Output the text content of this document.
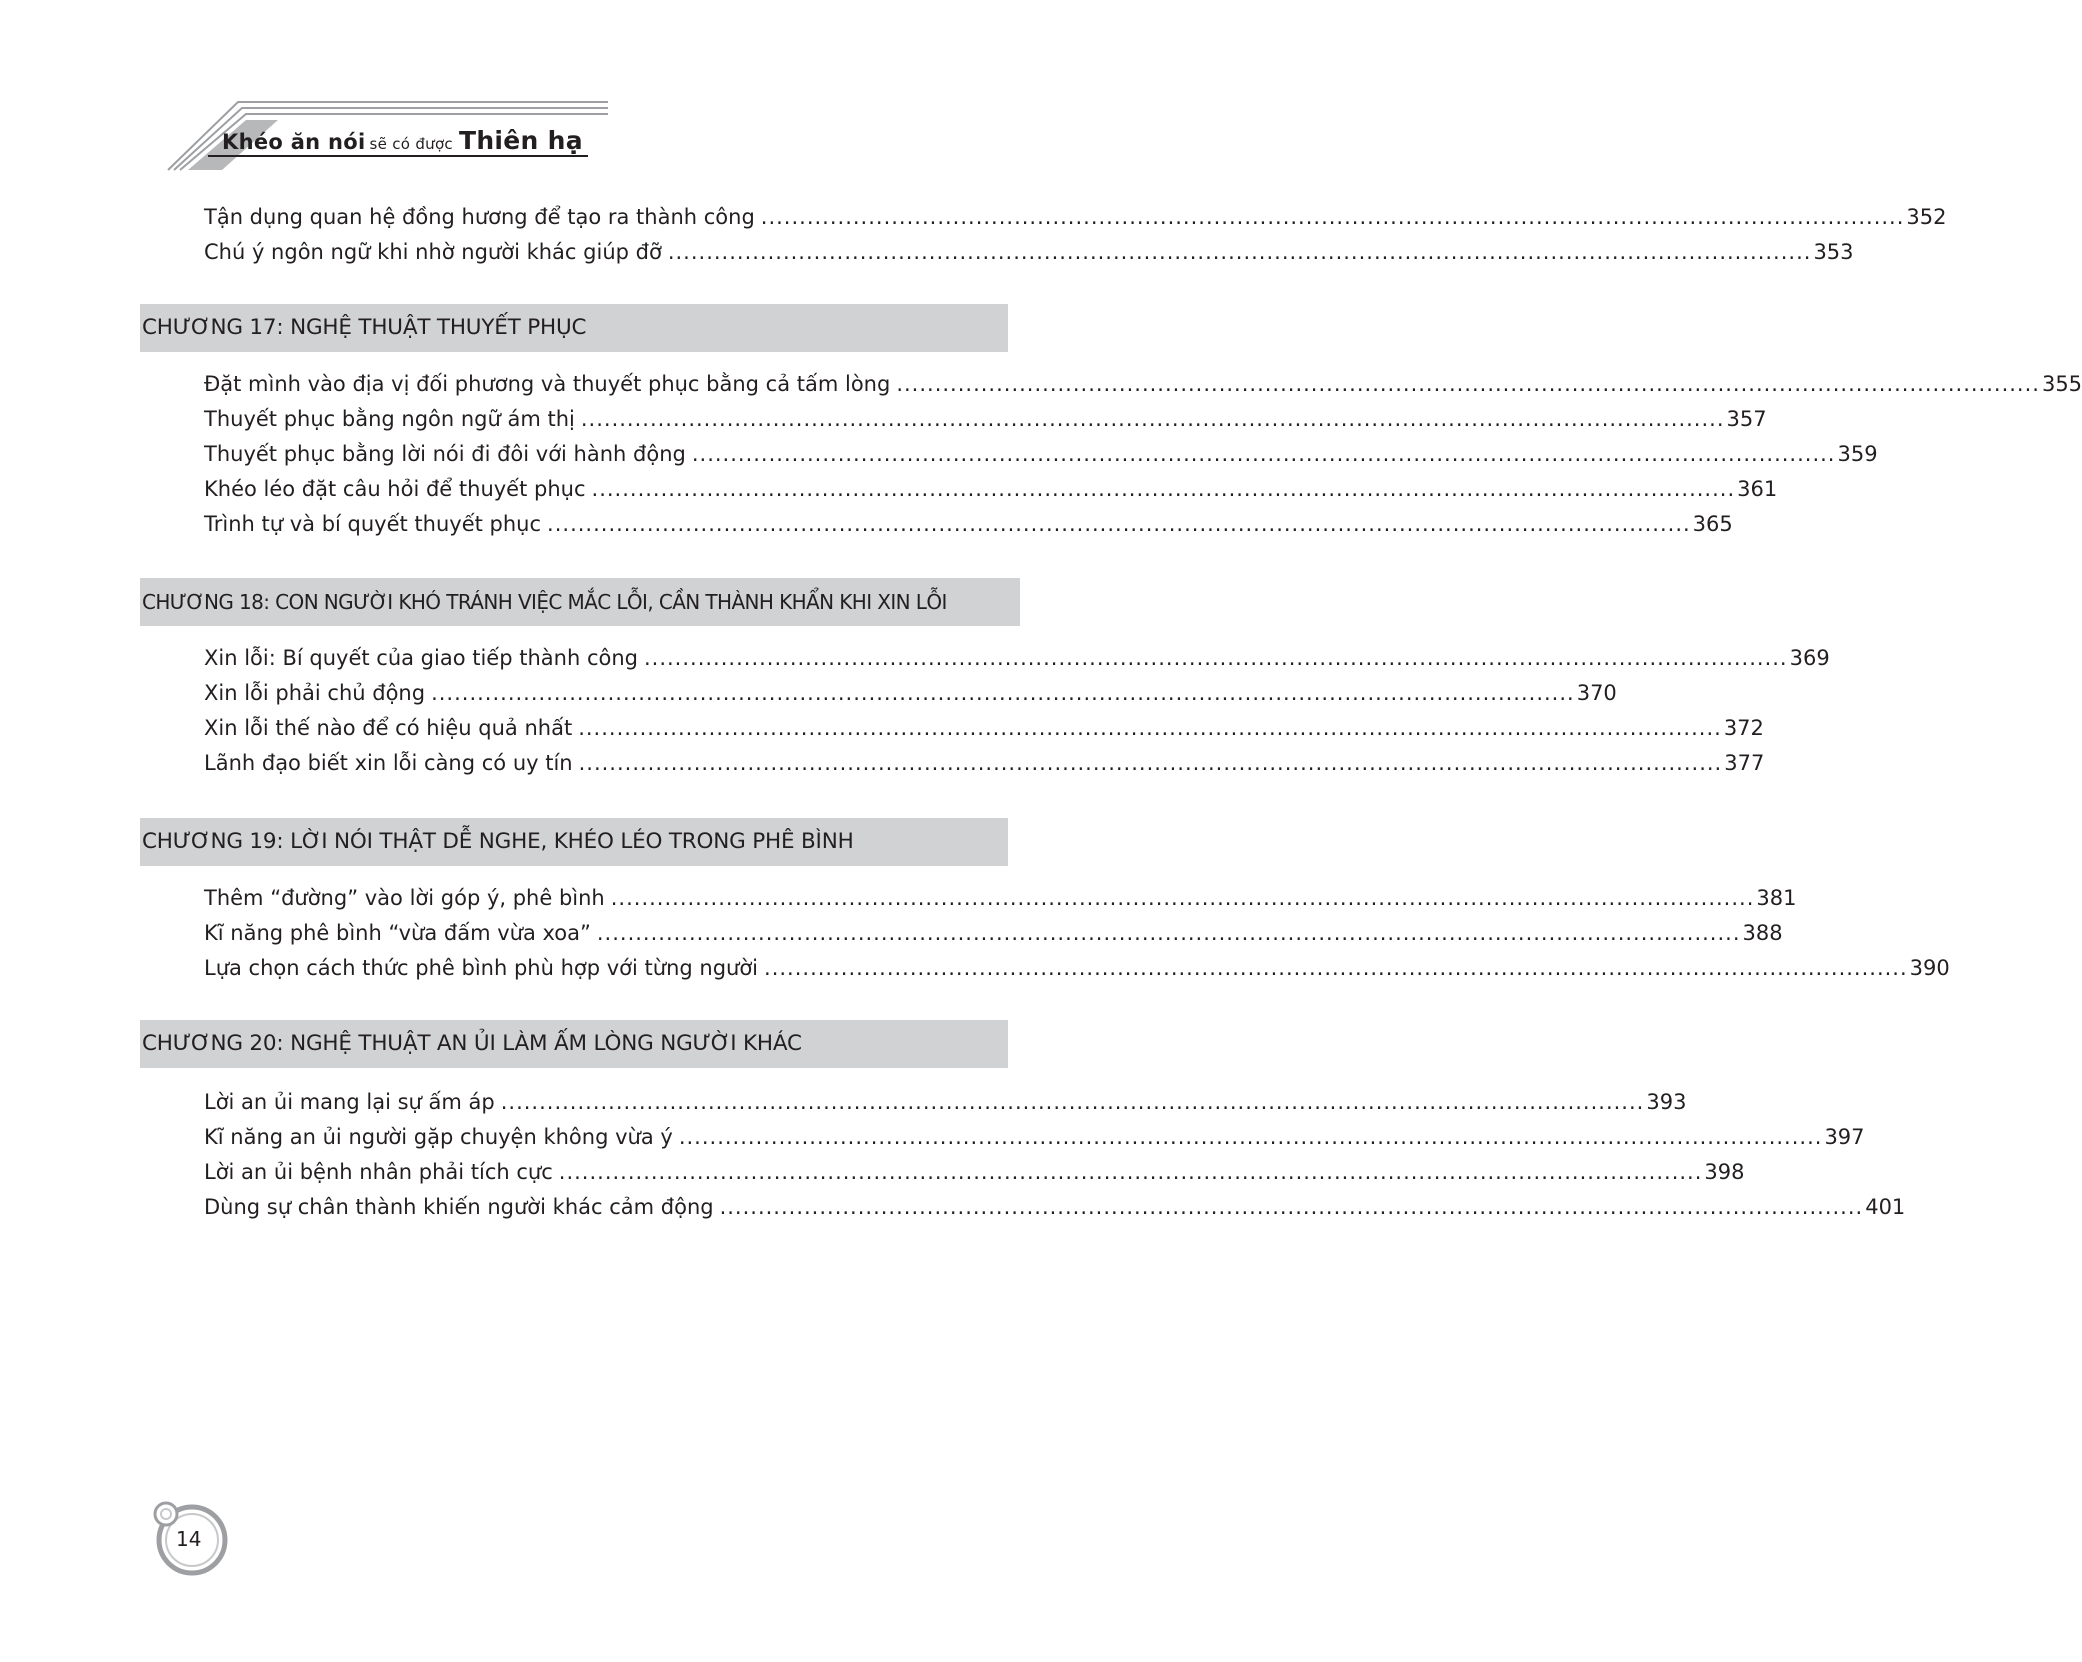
Khéo ăn nói sẽ có được Thiên hạ
Tận dụng quan hệ đồng hương để tạo ra thành công ..................................................................................................................................................... 352
Chú ý ngôn ngữ khi nhờ người khác giúp đỡ ..................................................................................................................................................... 353
CHƯƠNG 17: NGHỆ THUẬT THUYẾT PHỤC
Đặt mình vào địa vị đối phương và thuyết phục bằng cả tấm lòng ..................................................................................................................................................... 355
Thuyết phục bằng ngôn ngữ ám thị ..................................................................................................................................................... 357
Thuyết phục bằng lời nói đi đôi với hành động ..................................................................................................................................................... 359
Khéo léo đặt câu hỏi để thuyết phục ..................................................................................................................................................... 361
Trình tự và bí quyết thuyết phục ..................................................................................................................................................... 365
CHƯƠNG 18: CON NGƯỜI KHÓ TRÁNH VIỆC MẮC LỖI, CẦN THÀNH KHẨN KHI XIN LỖI
Xin lỗi: Bí quyết của giao tiếp thành công ..................................................................................................................................................... 369
Xin lỗi phải chủ động ..................................................................................................................................................... 370
Xin lỗi thế nào để có hiệu quả nhất ..................................................................................................................................................... 372
Lãnh đạo biết xin lỗi càng có uy tín ..................................................................................................................................................... 377
CHƯƠNG 19: LỜI NÓI THẬT DỄ NGHE, KHÉO LÉO TRONG PHÊ BÌNH
Thêm “đường” vào lời góp ý, phê bình ..................................................................................................................................................... 381
Kĩ năng phê bình “vừa đấm vừa xoa” ..................................................................................................................................................... 388
Lựa chọn cách thức phê bình phù hợp với từng người ..................................................................................................................................................... 390
CHƯƠNG 20: NGHỆ THUẬT AN ỦI LÀM ẤM LÒNG NGƯỜI KHÁC
Lời an ủi mang lại sự ấm áp ..................................................................................................................................................... 393
Kĩ năng an ủi người gặp chuyện không vừa ý ..................................................................................................................................................... 397
Lời an ủi bệnh nhân phải tích cực ..................................................................................................................................................... 398
Dùng sự chân thành khiến người khác cảm động ..................................................................................................................................................... 401
14
